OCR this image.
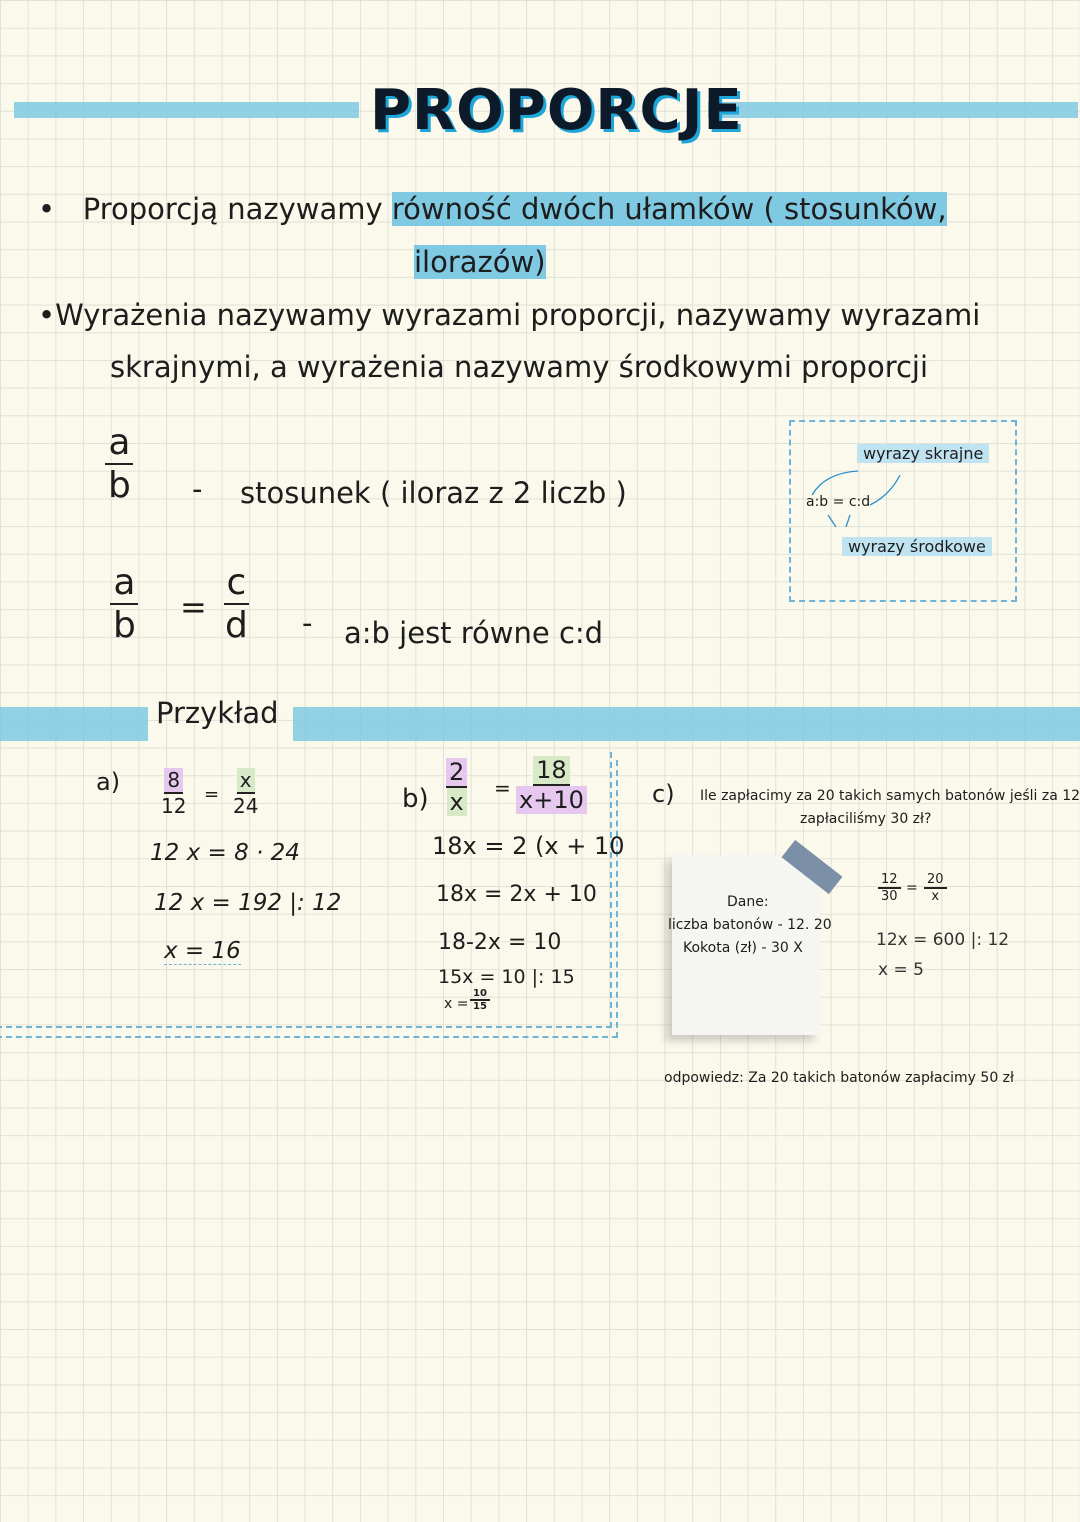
PROPORCJE
•   Proporcją nazywamy równość dwóch ułamków ( stosunków,
ilorazów)
•Wyrażenia nazywamy wyrazami proporcji, nazywamy wyrazami
skrajnymi, a wyrażenia nazywamy środkowymi proporcji
$\frac{a}{b}$ - stosunek ( iloraz z 2 liczb )
$\frac{a}{b} = \frac{c}{d}$ - a:b jest równe c:d
wyrazy skrajne
a:b = c:d
wyrazy środkowe
Przykład
$a) \frac{8}{12} = \frac{x}{24}$
12 x = 8 · 24
12 x = 192 |: 12
x = 16
$b) \frac{2}{x} = \frac{18}{x+10}$
18x = 2 (x + 10
18x = 2x + 10
18-2x = 10
15x = 10 |: 15
$x = \frac{10}{15}$
c) Ile zapłacimy za 20 takich samych batonów jeśli za 12
zapłaciliśmy 30 zł?
Dane:
liczba batonów - 12. 20
Kokota (zł) - 30 X
$\frac{12}{30} = \frac{20}{x}$
12x = 600 |: 12
x = 5
odpowiedz: Za 20 takich batonów zapłacimy 50 zł
